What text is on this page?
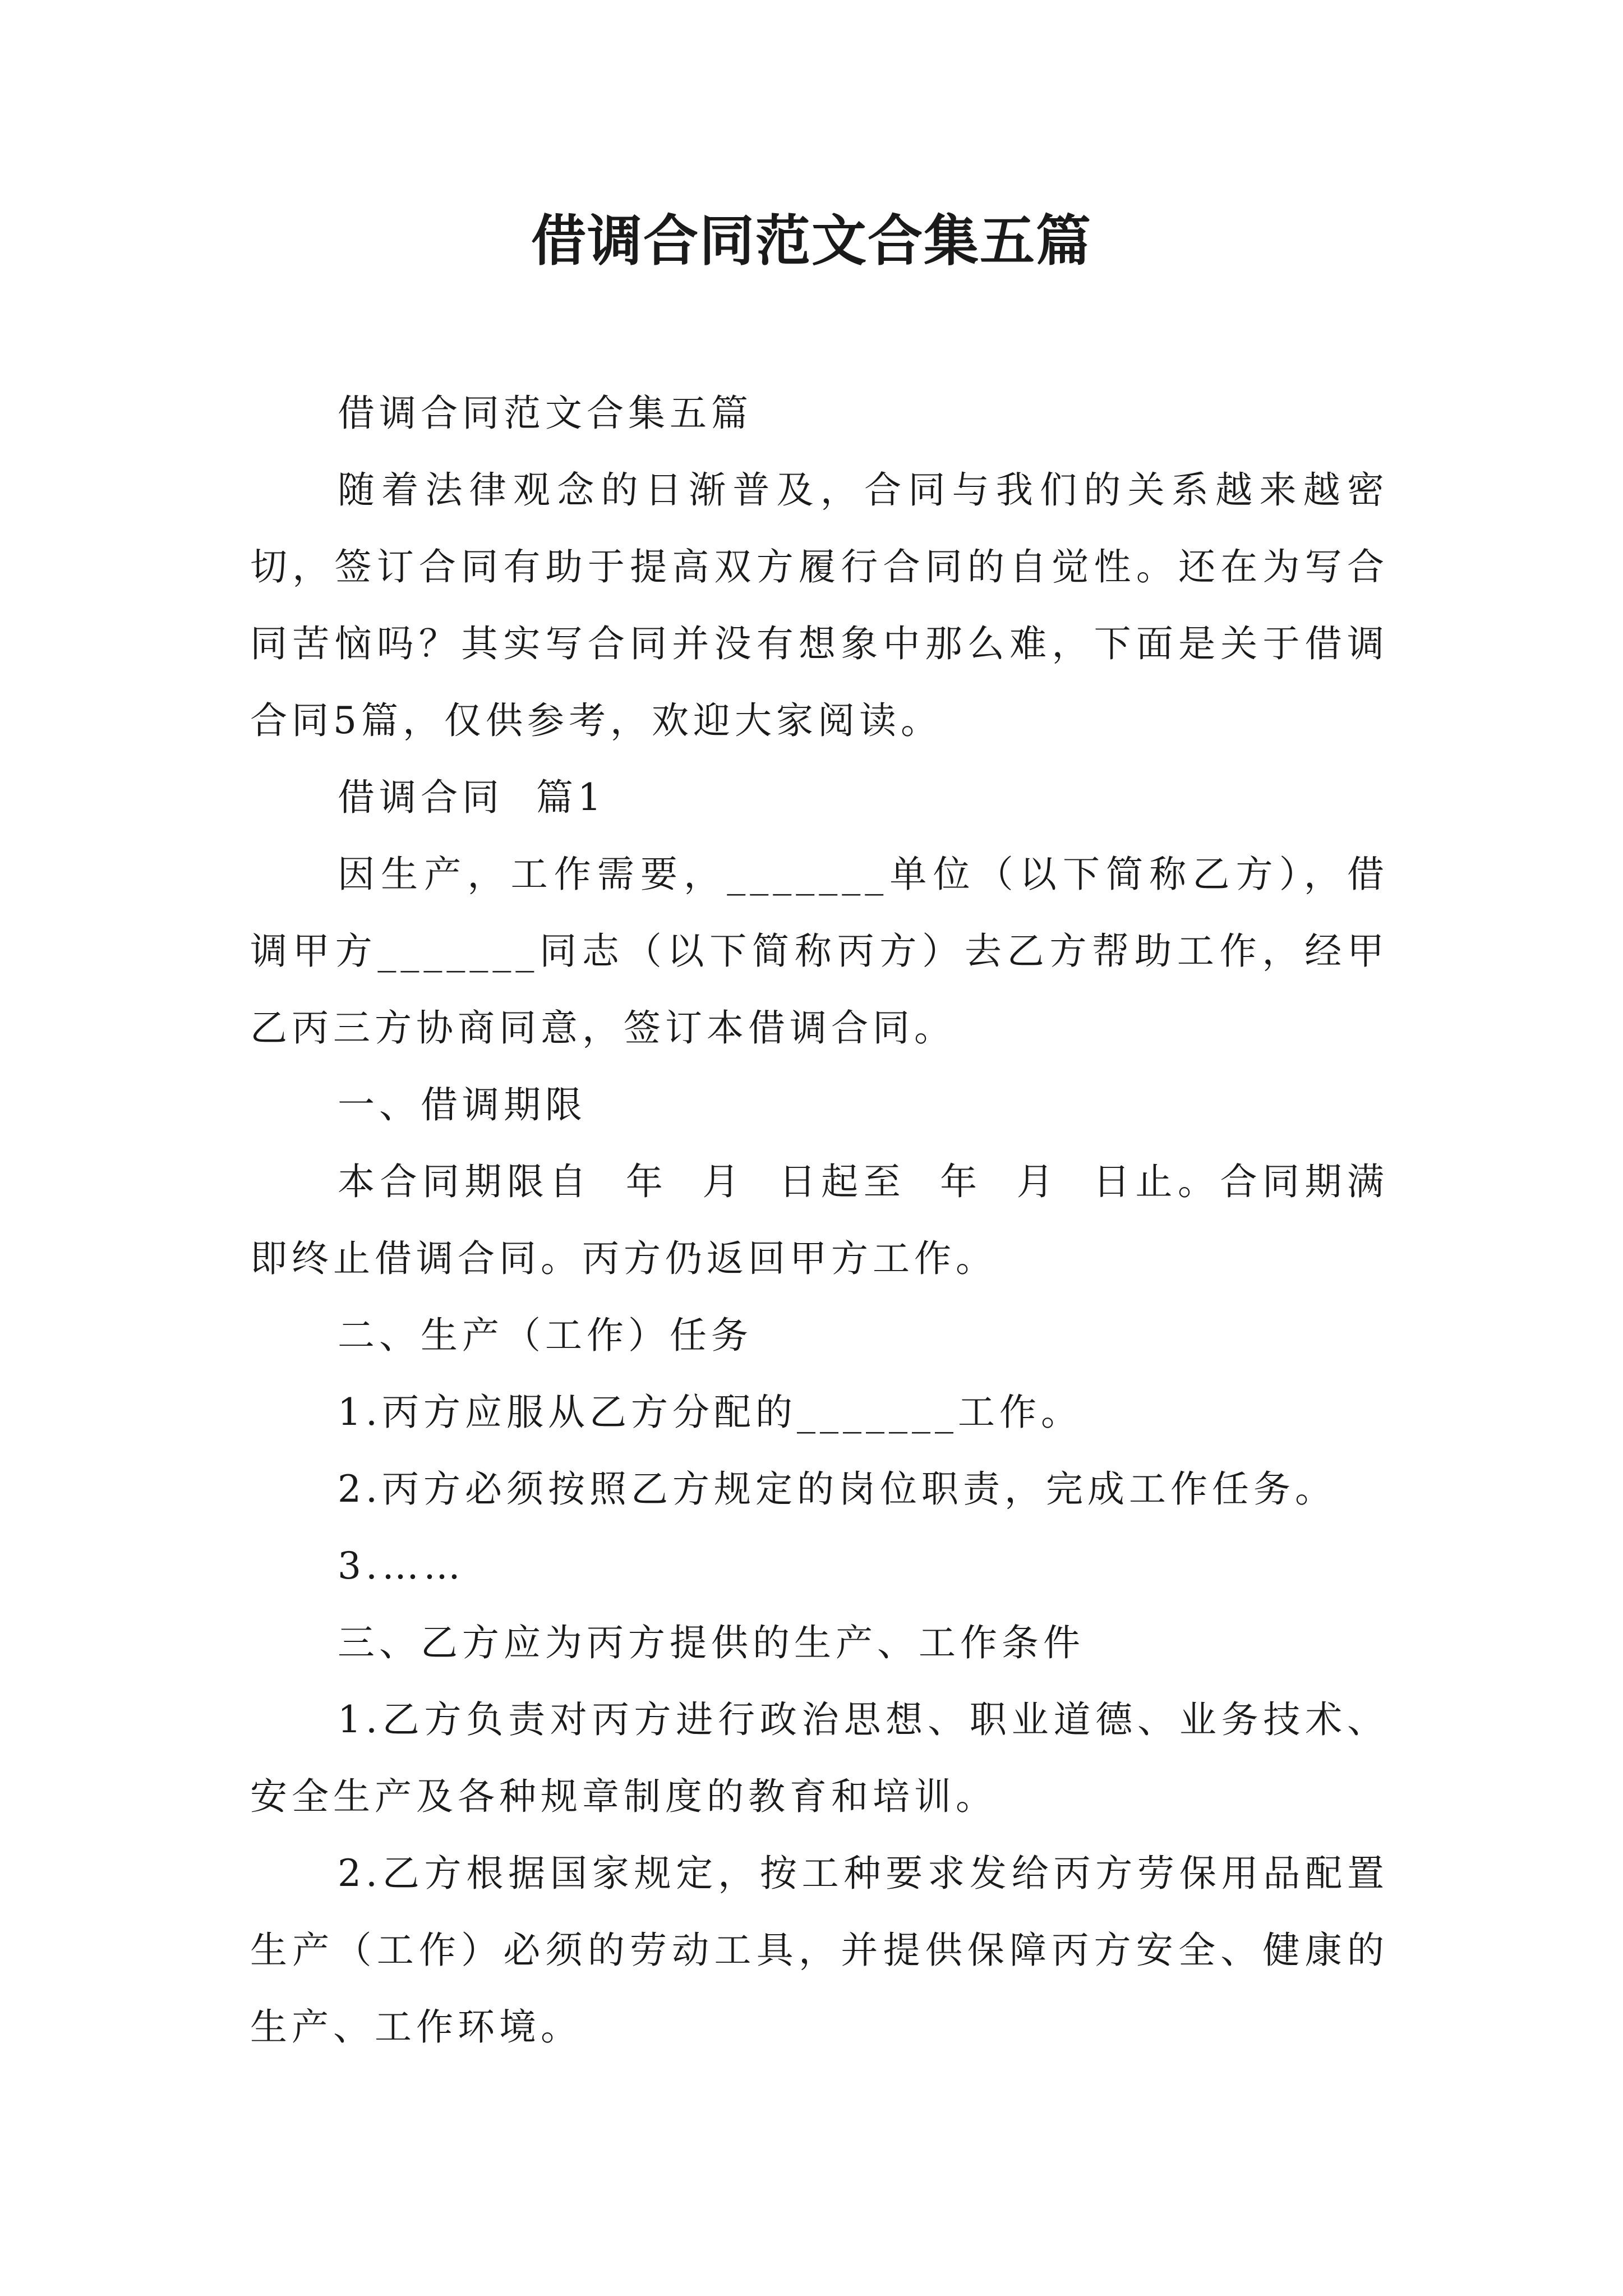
借调合同范文合集五篇

借调合同范文合集五篇

随着法律观念的日渐普及，合同与我们的关系越来越密切，签订合同有助于提高双方履行合同的自觉性。还在为写合同苦恼吗？其实写合同并没有想象中那么难，下面是关于借调合同5篇，仅供参考，欢迎大家阅读。

借调合同  篇1

因生产，工作需要，_______单位（以下简称乙方），借调甲方_______同志（以下简称丙方）去乙方帮助工作，经甲乙丙三方协商同意，签订本借调合同。

一、借调期限

本合同期限自  年  月  日起至  年  月  日止。合同期满即终止借调合同。丙方仍返回甲方工作。

二、生产（工作）任务

1.丙方应服从乙方分配的_______工作。

2.丙方必须按照乙方规定的岗位职责，完成工作任务。

3.……

三、乙方应为丙方提供的生产、工作条件

1.乙方负责对丙方进行政治思想、职业道德、业务技术、安全生产及各种规章制度的教育和培训。

2.乙方根据国家规定，按工种要求发给丙方劳保用品配置生产（工作）必须的劳动工具，并提供保障丙方安全、健康的生产、工作环境。
